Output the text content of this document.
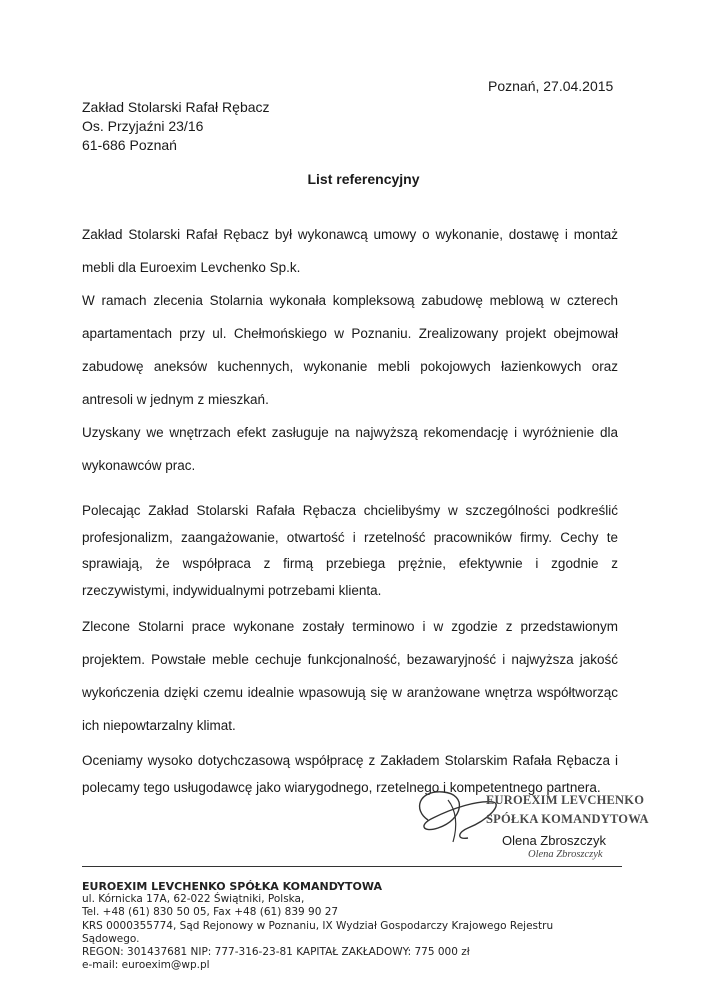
Poznań, 27.04.2015
Zakład Stolarski Rafał Rębacz
Os. Przyjaźni 23/16
61-686 Poznań
List referencyjny

Zakład Stolarski Rafał Rębacz był wykonawcą umowy o wykonanie, dostawę i montaż mebli dla Euroexim Levchenko Sp.k.

W ramach zlecenia Stolarnia wykonała kompleksową zabudowę meblową w czterech apartamentach przy ul. Chełmońskiego w Poznaniu. Zrealizowany projekt obejmował zabudowę aneksów kuchennych, wykonanie mebli pokojowych łazienkowych oraz antresoli w jednym z mieszkań.

Uzyskany we wnętrzach efekt zasługuje na najwyższą rekomendację i wyróżnienie dla wykonawców prac.

Polecając Zakład Stolarski Rafała Rębacza chcielibyśmy w szczególności podkreślić profesjonalizm, zaangażowanie, otwartość i rzetelność pracowników firmy. Cechy te sprawiają, że współpraca z firmą przebiega prężnie, efektywnie i zgodnie z rzeczywistymi, indywidualnymi potrzebami klienta.

Zlecone Stolarni prace wykonane zostały terminowo i w zgodzie z przedstawionym projektem. Powstałe meble cechuje funkcjonalność, bezawaryjność i najwyższa jakość wykończenia dzięki czemu idealnie wpasowują się w aranżowane wnętrza współtworząc ich niepowtarzalny klimat.

Oceniamy wysoko dotychczasową współpracę z Zakładem Stolarskim Rafała Rębacza i polecamy tego usługodawcę jako wiarygodnego, rzetelnego i kompetentnego partnera.

EUROEXIM LEVCHENKO
SPÓŁKA KOMANDYTOWA
Olena Zbroszczyk
Olena Zbroszczyk
EUROEXIM LEVCHENKO SPÓŁKA KOMANDYTOWA
ul. Kórnicka 17A, 62-022 Świątniki, Polska,
Tel. +48 (61) 830 50 05, Fax +48 (61) 839 90 27
KRS 0000355774, Sąd Rejonowy w Poznaniu, IX Wydział Gospodarczy Krajowego Rejestru
Sądowego.
REGON: 301437681 NIP: 777-316-23-81 KAPITAŁ ZAKŁADOWY: 775 000 zł
e-mail: euroexim@wp.pl
